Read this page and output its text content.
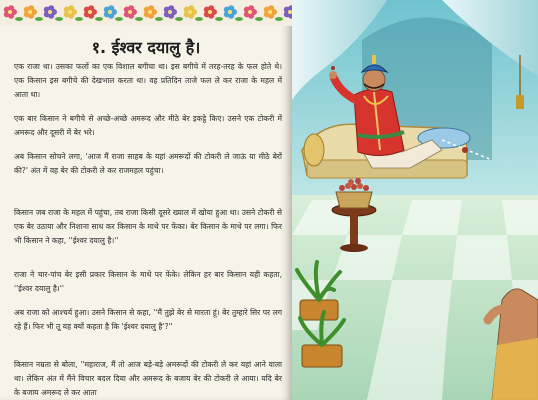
१. ईश्वर दयालु है।
एक राजा था। उसका फलों का एक विशाल बगीचा था। इस बगीचे में तरह-तरह के फल होते थे। एक किसान इस बगीचे की देखभाल करता था। वह प्रतिदिन ताजे फल ले कर राजा के महल में आता था।
एक बार किसान ने बगीचे से अच्छे-अच्छे अमरूद और मीठे बेर इकट्ठे किए। उसने एक टोकरी में अमरूद और दूसरी में बेर भरे।
अब किसान सोचने लगा, 'आज मैं राजा साहब के यहां अमरूदों की टोकरी ले जाऊं या मीठे बेरों की?' अंत में वह बेर की टोकरी ले कर राजमहल पहुंचा।
किसान जब राजा के महल में पहुंचा, तब राजा किसी दूसरे ख्याल में खोया हुआ था। उसने टोकरी से एक बेर उठाया और निशाना साध कर किसान के माथे पर फेंका। बेर किसान के माथे पर लगा। फिर भी किसान ने कहा, ''ईश्वर दयालु है।''
राजा ने चार-पांच बेर इसी प्रकार किसान के माथे पर फेंके। लेकिन हर बार किसान यही कहता, ''ईश्वर दयालु है।''
अब राजा को आश्चर्य हुआ। उसने किसान से कहा, ''मैं तुझे बेर से मारता हूं। बेर तुम्हारे सिर पर लग रहे हैं। फिर भी तू यह क्यों कहता है कि 'ईश्वर दयालु है'?''
किसान नम्रता से बोला, ''महाराज, मैं तो आज बड़े-बड़े अमरूदों की टोकरी ले कर यहां आने वाला था। लेकिन अंत में मैंने विचार बदल दिया और अमरूद के बजाय बेर की टोकरी ले आया। यदि बेर के बजाय अमरूद ले कर आता
